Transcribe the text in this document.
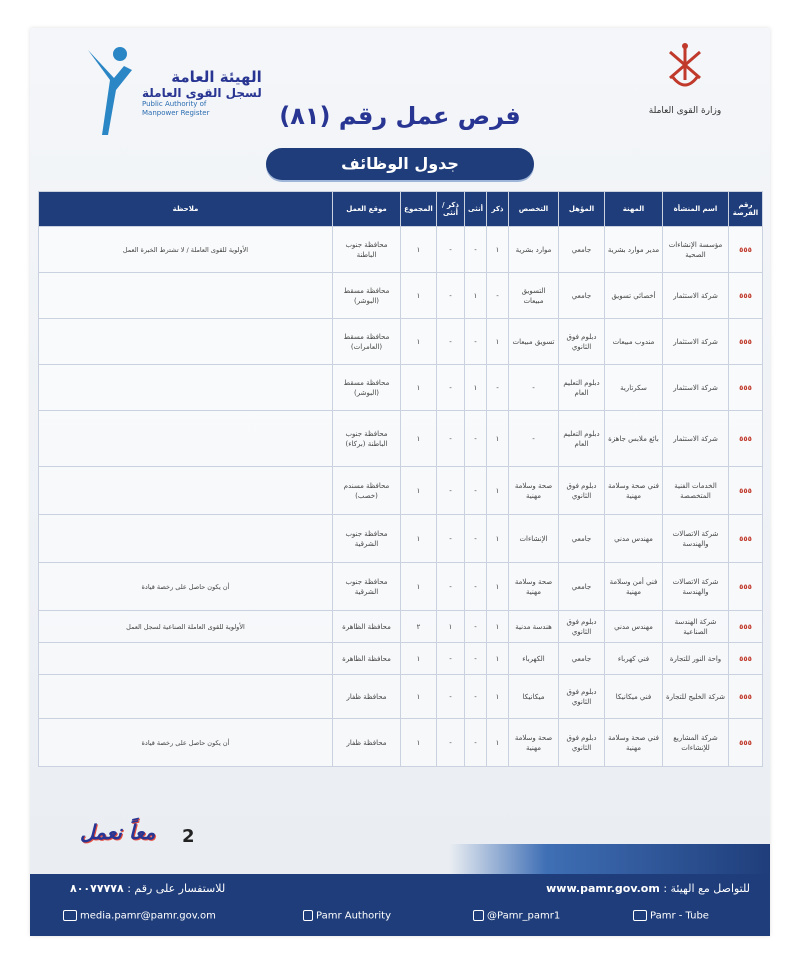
الهيئة العامة
لسجل القوى العاملة
Public Authority of Manpower Register	وزارة القوى العاملة
فرص عمل رقم (٨١)
جدول الوظائف
رقم الفرصة	اسم المنشأة	المهنة	المؤهل	التخصص	ذكر	أنثى	ذكر / أنثى	المجموع	موقع العمل	ملاحظة
٥٥٥	مؤسسة الإنشاءات الصحية	مدير موارد بشرية	جامعي	موارد بشرية	١	-	-	١	محافظة جنوب الباطنة	الأولوية للقوى العاملة / لا تشترط الخبرة العمل
٥٥٥	شركة الاستثمار	أخصائي تسويق	جامعي	التسويق مبيعات	-	١	-	١	محافظة مسقط (البوشر)	
٥٥٥	شركة الاستثمار	مندوب مبيعات	دبلوم فوق الثانوي	تسويق مبيعات	١	-	-	١	محافظة مسقط (العامرات)	
٥٥٥	شركة الاستثمار	سكرتارية	دبلوم التعليم العام	-	-	١	-	١	محافظة مسقط (البوشر)	
٥٥٥	شركة الاستثمار	بائع ملابس جاهزة	دبلوم التعليم العام	-	١	-	-	١	محافظة جنوب الباطنة (بركاء)	
٥٥٥	الخدمات الفنية المتخصصة	فني صحة وسلامة مهنية	دبلوم فوق الثانوي	صحة وسلامة مهنية	١	-	-	١	محافظة مسندم (خصب)	
٥٥٥	شركة الاتصالات والهندسة	مهندس مدني	جامعي	الإنشاءات	١	-	-	١	محافظة جنوب الشرقية	
٥٥٥	شركة الاتصالات والهندسة	فني أمن وسلامة مهنية	جامعي	صحة وسلامة مهنية	١	-	-	١	محافظة جنوب الشرقية	أن يكون حاصل على رخصة قيادة
٥٥٥	شركة الهندسة الصناعية	مهندس مدني	دبلوم فوق الثانوي	هندسة مدنية	١	-	١	٢	محافظة الظاهرة	الأولوية للقوى العاملة الصناعية لسجل العمل
٥٥٥	واحة النور للتجارة	فني كهرباء	جامعي	الكهرباء	١	-	-	١	محافظة الظاهرة	
٥٥٥	شركة الخليج للتجارة	فني ميكانيكا	دبلوم فوق الثانوي	ميكانيكا	١	-	-	١	محافظة ظفار	
٥٥٥	شركة المشاريع للإنشاءات	فني صحة وسلامة مهنية	دبلوم فوق الثانوي	صحة وسلامة مهنية	١	-	-	١	محافظة ظفار	أن يكون حاصل على رخصة قيادة
معاً نعمل 2
للتواصل مع الهيئة : www.pamr.gov.om
للاستفسار على رقم : ٨٠٠٧٧٧٧٨
media.pamr@pamr.gov.om	Pamr Authority	@Pamr_pamr1	Pamr - Tube
